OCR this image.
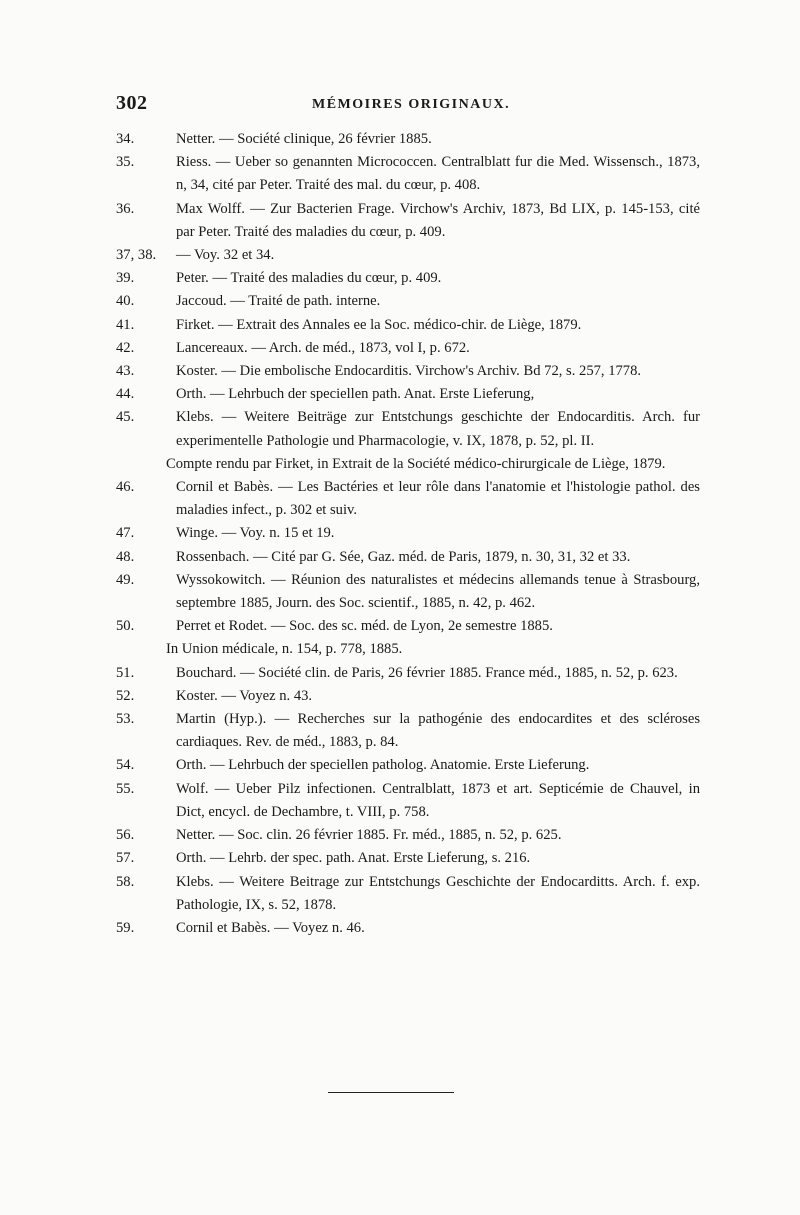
302	MÉMOIRES ORIGINAUX.
34.	Netter. — Société clinique, 26 février 1885.
35.	Riess. — Ueber so genannten Micrococcen. Centralblatt fur die Med. Wissensch., 1873, n, 34, cité par Peter. Traité des mal. du cœur, p. 408.
36.	Max Wolff. — Zur Bacterien Frage. Virchow's Archiv, 1873, Bd LIX, p. 145-153, cité par Peter. Traité des maladies du cœur, p. 409.
37, 38.	— Voy. 32 et 34.
39.	Peter. — Traité des maladies du cœur, p. 409.
40.	Jaccoud. — Traité de path. interne.
41.	Firket. — Extrait des Annales ee la Soc. médico-chir. de Liège, 1879.
42.	Lancereaux. — Arch. de méd., 1873, vol I, p. 672.
43.	Koster. — Die embolische Endocarditis. Virchow's Archiv. Bd 72, s. 257, 1778.
44.	Orth. — Lehrbuch der speciellen path. Anat. Erste Lieferung,
45.	Klebs. — Weitere Beiträge zur Entstchungs geschichte der Endocarditis. Arch. fur experimentelle Pathologie und Pharmacologie, v. IX, 1878, p. 52, pl. II.
Compte rendu par Firket, in Extrait de la Société médico-chirurgicale de Liège, 1879.
46.	Cornil et Babès. — Les Bactéries et leur rôle dans l'anatomie et l'histologie pathol. des maladies infect., p. 302 et suiv.
47.	Winge. — Voy. n. 15 et 19.
48.	Rossenbach. — Cité par G. Sée, Gaz. méd. de Paris, 1879, n. 30, 31, 32 et 33.
49.	Wyssokowitch. — Réunion des naturalistes et médecins allemands tenue à Strasbourg, septembre 1885, Journ. des Soc. scientif., 1885, n. 42, p. 462.
50.	Perret et Rodet. — Soc. des sc. méd. de Lyon, 2e semestre 1885.
In Union médicale, n. 154, p. 778, 1885.
51.	Bouchard. — Société clin. de Paris, 26 février 1885. France méd., 1885, n. 52, p. 623.
52.	Koster. — Voyez n. 43.
53.	Martin (Hyp.). — Recherches sur la pathogénie des endocardites et des scléroses cardiaques. Rev. de méd., 1883, p. 84.
54.	Orth. — Lehrbuch der speciellen patholog. Anatomie. Erste Lieferung.
55.	Wolf. — Ueber Pilz infectionen. Centralblatt, 1873 et art. Septicémie de Chauvel, in Dict, encycl. de Dechambre, t. VIII, p. 758.
56.	Netter. — Soc. clin. 26 février 1885. Fr. méd., 1885, n. 52, p. 625.
57.	Orth. — Lehrb. der spec. path. Anat. Erste Lieferung, s. 216.
58.	Klebs. — Weitere Beitrage zur Entstchungs Geschichte der Endocarditts. Arch. f. exp. Pathologie, IX, s. 52, 1878.
59.	Cornil et Babès. — Voyez n. 46.
